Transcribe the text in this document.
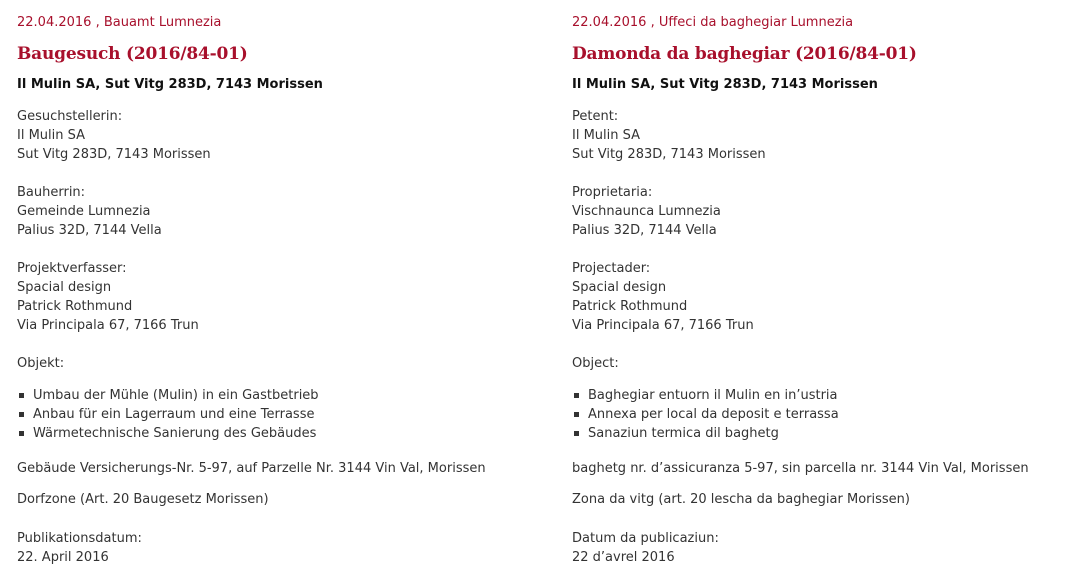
22.04.2016 , Bauamt Lumnezia
Baugesuch (2016/84-01)
Il Mulin SA, Sut Vitg 283D, 7143 Morissen
Gesuchstellerin:
Il Mulin SA
Sut Vitg 283D, 7143 Morissen
Bauherrin:
Gemeinde Lumnezia
Palius 32D, 7144 Vella
Projektverfasser:
Spacial design
Patrick Rothmund
Via Principala 67, 7166 Trun
Objekt:
Umbau der Mühle (Mulin) in ein Gastbetrieb
Anbau für ein Lagerraum und eine Terrasse
Wärmetechnische Sanierung des Gebäudes
Gebäude Versicherungs-Nr. 5-97, auf Parzelle Nr. 3144 Vin Val, Morissen
Dorfzone (Art. 20 Baugesetz Morissen)
Publikationsdatum:
22. April 2016
22.04.2016 , Uffeci da baghegiar Lumnezia
Damonda da baghegiar (2016/84-01)
Il Mulin SA, Sut Vitg 283D, 7143 Morissen
Petent:
Il Mulin SA
Sut Vitg 283D, 7143 Morissen
Proprietaria:
Vischnaunca Lumnezia
Palius 32D, 7144 Vella
Projectader:
Spacial design
Patrick Rothmund
Via Principala 67, 7166 Trun
Object:
Baghegiar entuorn il Mulin en in’ustria
Annexa per local da deposit e terrassa
Sanaziun termica dil baghetg
baghetg nr. d’assicuranza 5-97, sin parcella nr. 3144 Vin Val, Morissen
Zona da vitg (art. 20 lescha da baghegiar Morissen)
Datum da publicaziun:
22 d’avrel 2016
